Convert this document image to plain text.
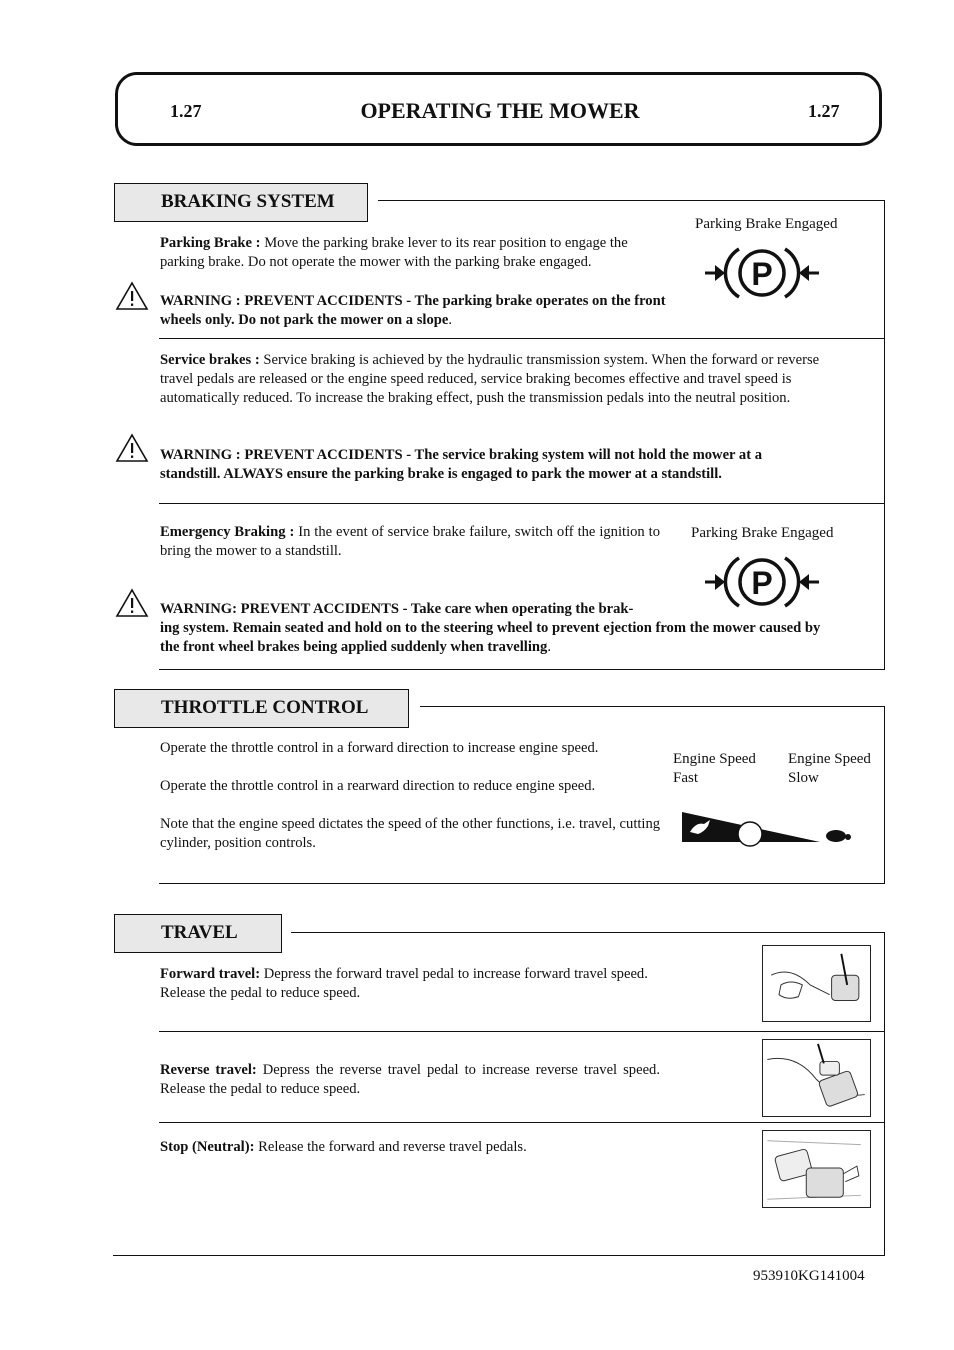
1.27	OPERATING THE MOWER	1.27
BRAKING SYSTEM
Parking Brake : Move the parking brake lever to its rear position to engage the parking brake. Do not operate the mower with the parking brake engaged.
WARNING : PREVENT ACCIDENTS - The parking brake operates on the front wheels only. Do not park the mower on a slope.
Parking Brake Engaged
P
Service brakes : Service braking is achieved by the hydraulic transmission system. When the forward or reverse travel pedals are released or the engine speed reduced, service braking becomes effective and travel speed is automatically reduced. To increase the braking effect, push the transmission pedals into the neutral position.
WARNING : PREVENT ACCIDENTS - The service braking system will not hold the mower at a standstill. ALWAYS ensure the parking brake is engaged to park the mower at a standstill.
Emergency Braking : In the event of service brake failure, switch off the ignition to bring the mower to a standstill.
Parking Brake Engaged
P
WARNING: PREVENT ACCIDENTS - Take care when operating the brak-
ing system. Remain seated and hold on to the steering wheel to prevent ejection from the mower caused by the front wheel brakes being applied suddenly when travelling.
THROTTLE CONTROL
Operate the throttle control in a forward direction to increase engine speed.
Operate the throttle control in a rearward direction to reduce engine speed.
Note that the engine speed dictates the speed of the other functions, i.e. travel, cutting cylinder, position controls.
Engine Speed
Fast
Engine Speed
Slow
TRAVEL
Forward travel: Depress the forward travel pedal to increase forward travel speed. Release the pedal to reduce speed.
Reverse travel: Depress the reverse travel pedal to increase reverse travel speed. Release the pedal to reduce speed.
Stop (Neutral): Release the forward and reverse travel pedals.
953910KG141004
